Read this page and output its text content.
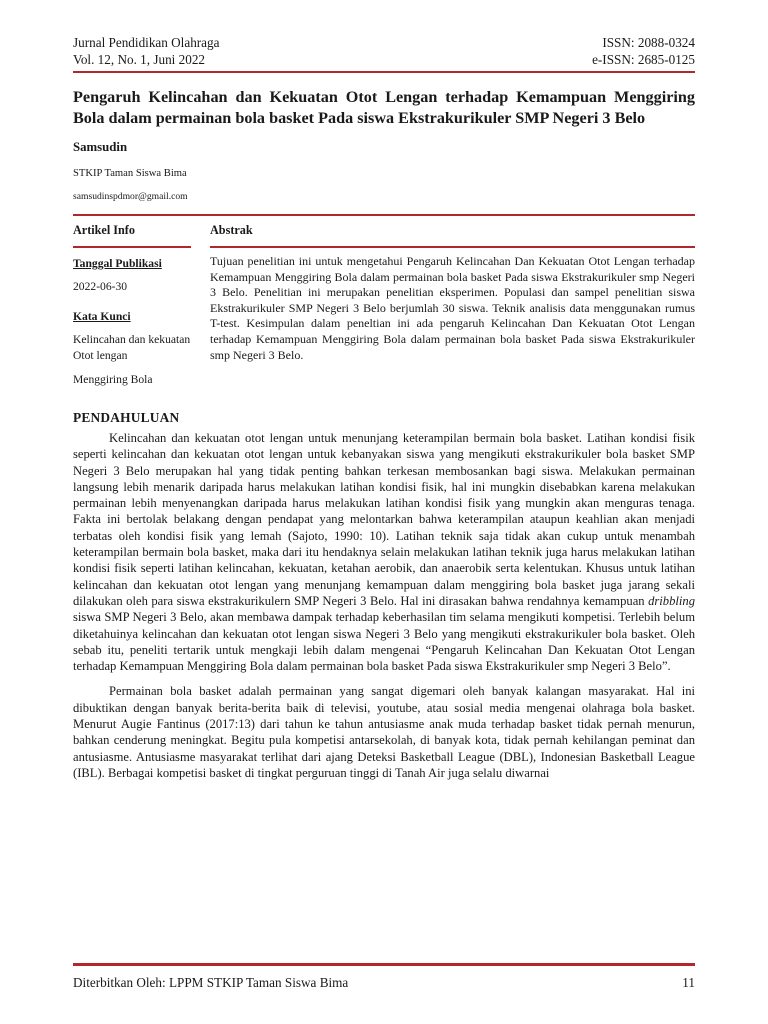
Jurnal Pendidikan Olahraga
Vol. 12, No. 1, Juni 2022
ISSN: 2088-0324
e-ISSN: 2685-0125
Pengaruh Kelincahan dan Kekuatan Otot Lengan terhadap Kemampuan Menggiring Bola dalam permainan bola basket Pada siswa Ekstrakurikuler SMP Negeri 3 Belo
Samsudin
STKIP Taman Siswa Bima
samsudinspdmor@gmail.com
Artikel Info	Abstrak
Tanggal Publikasi
2022-06-30
Kata Kunci
Kelincahan dan kekuatan Otot lengan
Menggiring Bola
Tujuan penelitian ini untuk mengetahui Pengaruh Kelincahan Dan Kekuatan Otot Lengan terhadap Kemampuan Menggiring Bola dalam permainan bola basket Pada siswa Ekstrakurikuler smp Negeri 3 Belo. Penelitian ini merupakan penelitian eksperimen. Populasi dan sampel penelitian siswa Ekstrakurikuler SMP Negeri 3 Belo berjumlah 30 siswa. Teknik analisis data menggunakan rumus T-test. Kesimpulan dalam peneltian ini ada pengaruh Kelincahan Dan Kekuatan Otot Lengan terhadap Kemampuan Menggiring Bola dalam permainan bola basket Pada siswa Ekstrakurikuler smp Negeri 3 Belo.
PENDAHULUAN

Kelincahan dan kekuatan otot lengan untuk menunjang keterampilan bermain bola basket. Latihan kondisi fisik seperti kelincahan dan kekuatan otot lengan untuk kebanyakan siswa yang mengikuti ekstrakurikuler bola basket SMP Negeri 3 Belo merupakan hal yang tidak penting bahkan terkesan membosankan bagi siswa. Melakukan permainan langsung lebih menarik daripada harus melakukan latihan kondisi fisik, hal ini mungkin disebabkan karena melakukan permainan lebih menyenangkan daripada harus melakukan latihan kondisi fisik yang mungkin akan menguras tenaga. Fakta ini bertolak belakang dengan pendapat yang melontarkan bahwa keterampilan ataupun keahlian akan menjadi terbatas oleh kondisi fisik yang lemah (Sajoto, 1990: 10). Latihan teknik saja tidak akan cukup untuk menambah keterampilan bermain bola basket, maka dari itu hendaknya selain melakukan latihan teknik juga harus melakukan latihan kondisi fisik seperti latihan kelincahan, kekuatan, ketahan aerobik, dan anaerobik serta kelentukan. Khusus untuk latihan kelincahan dan kekuatan otot lengan yang menunjang kemampuan dalam menggiring bola basket juga jarang sekali dilakukan oleh para siswa ekstrakurikulern SMP Negeri 3 Belo. Hal ini dirasakan bahwa rendahnya kemampuan dribbling siswa SMP Negeri 3 Belo, akan membawa dampak terhadap keberhasilan tim selama mengikuti kompetisi. Terlebih belum diketahuinya kelincahan dan kekuatan otot lengan siswa Negeri 3 Belo yang mengikuti ekstrakurikuler bola basket. Oleh sebab itu, peneliti tertarik untuk mengkaji lebih dalam mengenai “Pengaruh Kelincahan Dan Kekuatan Otot Lengan terhadap Kemampuan Menggiring Bola dalam permainan bola basket Pada siswa Ekstrakurikuler smp Negeri 3 Belo”.

Permainan bola basket adalah permainan yang sangat digemari oleh banyak kalangan masyarakat. Hal ini dibuktikan dengan banyak berita-berita baik di televisi, youtube, atau sosial media mengenai olahraga bola basket. Menurut Augie Fantinus (2017:13) dari tahun ke tahun antusiasme anak muda terhadap basket tidak pernah menurun, bahkan cenderung meningkat. Begitu pula kompetisi antarsekolah, di banyak kota, tidak pernah kehilangan peminat dan antusiasme. Antusiasme masyarakat terlihat dari ajang Deteksi Basketball League (DBL), Indonesian Basketball League (IBL). Berbagai kompetisi basket di tingkat perguruan tinggi di Tanah Air juga selalu diwarnai

Diterbitkan Oleh: LPPM STKIP Taman Siswa Bima	11
